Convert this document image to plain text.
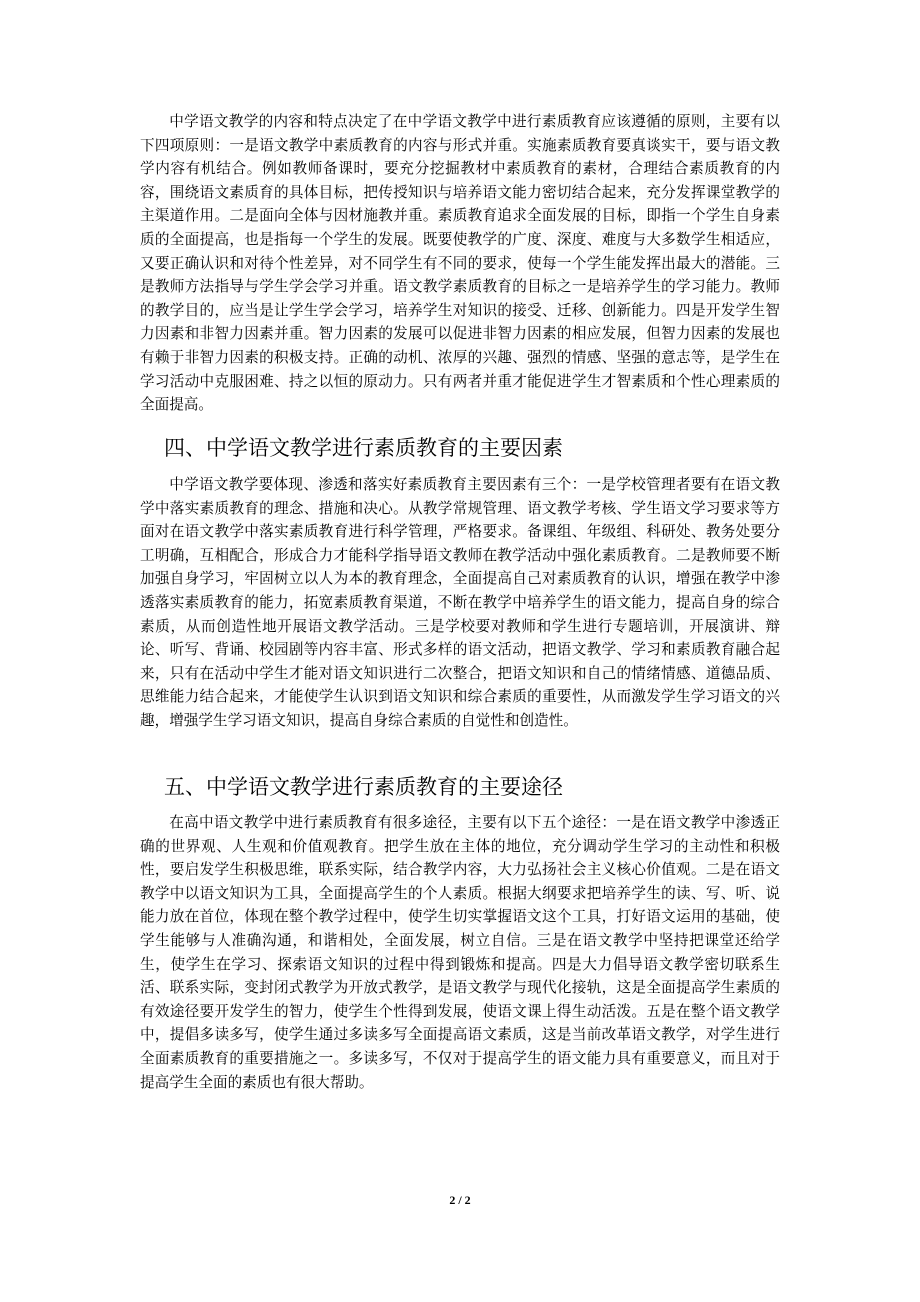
中学语文教学的内容和特点决定了在中学语文教学中进行素质教育应该遵循的原则，主要有以下四项原则：一是语文教学中素质教育的内容与形式并重。实施素质教育要真谈实干，要与语文教学内容有机结合。例如教师备课时，要充分挖掘教材中素质教育的素材，合理结合素质教育的内容，围绕语文素质育的具体目标，把传授知识与培养语文能力密切结合起来，充分发挥课堂教学的主渠道作用。二是面向全体与因材施教并重。素质教育追求全面发展的目标，即指一个学生自身素质的全面提高，也是指每一个学生的发展。既要使教学的广度、深度、难度与大多数学生相适应，又要正确认识和对待个性差异，对不同学生有不同的要求，使每一个学生能发挥出最大的潜能。三是教师方法指导与学生学会学习并重。语文教学素质教育的目标之一是培养学生的学习能力。教师的教学目的，应当是让学生学会学习，培养学生对知识的接受、迁移、创新能力。四是开发学生智力因素和非智力因素并重。智力因素的发展可以促进非智力因素的相应发展，但智力因素的发展也有赖于非智力因素的积极支持。正确的动机、浓厚的兴趣、强烈的情感、坚强的意志等，是学生在学习活动中克服困难、持之以恒的原动力。只有两者并重才能促进学生才智素质和个性心理素质的全面提高。

四、中学语文教学进行素质教育的主要因素

中学语文教学要体现、渗透和落实好素质教育主要因素有三个：一是学校管理者要有在语文教学中落实素质教育的理念、措施和决心。从教学常规管理、语文教学考核、学生语文学习要求等方面对在语文教学中落实素质教育进行科学管理，严格要求。备课组、年级组、科研处、教务处要分工明确，互相配合，形成合力才能科学指导语文教师在教学活动中强化素质教育。二是教师要不断加强自身学习，牢固树立以人为本的教育理念，全面提高自己对素质教育的认识，增强在教学中渗透落实素质教育的能力，拓宽素质教育渠道，不断在教学中培养学生的语文能力，提高自身的综合素质，从而创造性地开展语文教学活动。三是学校要对教师和学生进行专题培训，开展演讲、辩论、听写、背诵、校园剧等内容丰富、形式多样的语文活动，把语文教学、学习和素质教育融合起来，只有在活动中学生才能对语文知识进行二次整合，把语文知识和自己的情绪情感、道德品质、思维能力结合起来，才能使学生认识到语文知识和综合素质的重要性，从而激发学生学习语文的兴趣，增强学生学习语文知识，提高自身综合素质的自觉性和创造性。

五、中学语文教学进行素质教育的主要途径

在高中语文教学中进行素质教育有很多途径，主要有以下五个途径：一是在语文教学中渗透正确的世界观、人生观和价值观教育。把学生放在主体的地位，充分调动学生学习的主动性和积极性，要启发学生积极思维，联系实际，结合教学内容，大力弘扬社会主义核心价值观。二是在语文教学中以语文知识为工具，全面提高学生的个人素质。根据大纲要求把培养学生的读、写、听、说能力放在首位，体现在整个教学过程中，使学生切实掌握语文这个工具，打好语文运用的基础，使学生能够与人准确沟通，和谐相处，全面发展，树立自信。三是在语文教学中坚持把课堂还给学生，使学生在学习、探索语文知识的过程中得到锻炼和提高。四是大力倡导语文教学密切联系生活、联系实际，变封闭式教学为开放式教学，是语文教学与现代化接轨，这是全面提高学生素质的有效途径要开发学生的智力，使学生个性得到发展，使语文课上得生动活泼。五是在整个语文教学中，提倡多读多写，使学生通过多读多写全面提高语文素质，这是当前改革语文教学，对学生进行全面素质教育的重要措施之一。多读多写，不仅对于提高学生的语文能力具有重要意义，而且对于提高学生全面的素质也有很大帮助。

2 / 2
